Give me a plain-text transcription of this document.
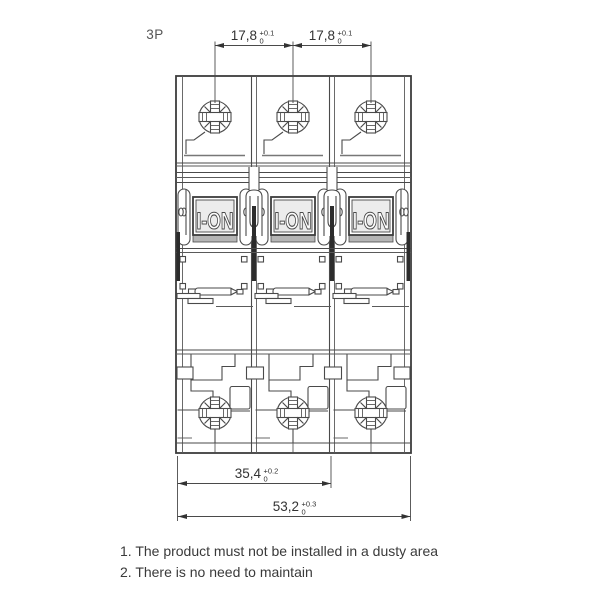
I-ON I-ON I-ON
17,8 +0.1
0	17,8 +0.1
0
35,4 +0.2
0
53,2 +0.3
0
3P
1. The product must not be installed in a dusty area
2. There is no need to maintain
